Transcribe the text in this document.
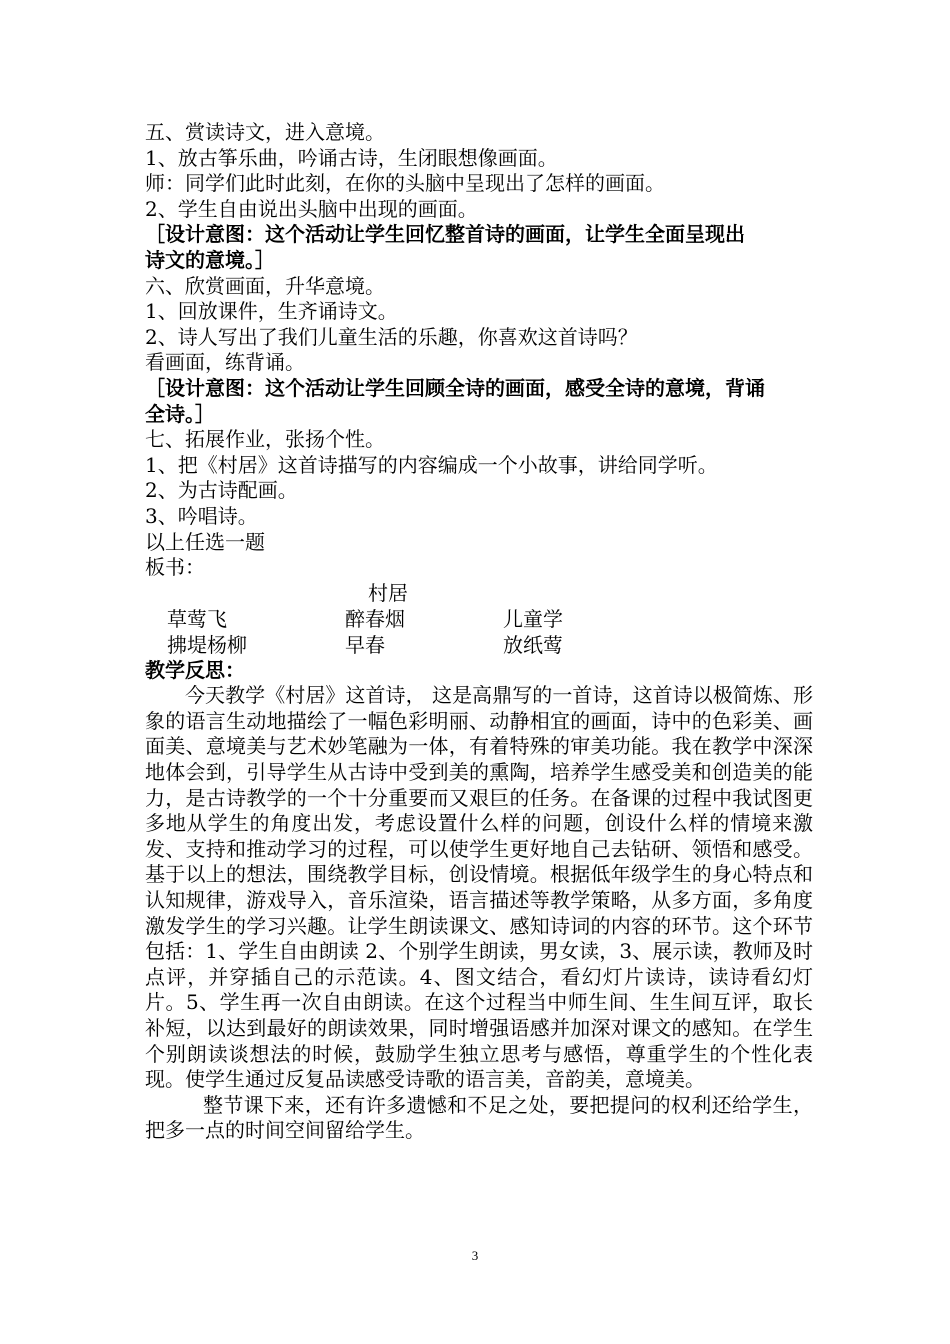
五、赏读诗文，进入意境。
1、放古筝乐曲，吟诵古诗，生闭眼想像画面。
师：同学们此时此刻，在你的头脑中呈现出了怎样的画面。
2、学生自由说出头脑中出现的画面。
［设计意图：这个活动让学生回忆整首诗的画面，让学生全面呈现出
诗文的意境。］
六、欣赏画面，升华意境。
1、回放课件，生齐诵诗文。
2、诗人写出了我们儿童生活的乐趣，你喜欢这首诗吗？
看画面，练背诵。
［设计意图：这个活动让学生回顾全诗的画面，感受全诗的意境，背诵
全诗。］
七、拓展作业，张扬个性。
1、把《村居》这首诗描写的内容编成一个小故事，讲给同学听。
2、为古诗配画。
3、吟唱诗。
以上任选一题
板书：
村居
草莺飞	醉春烟	儿童学
拂堤杨柳	早春	放纸莺
教学反思：
今天教学《村居》这首诗， 这是高鼎写的一首诗，这首诗以极简炼、形象的语言生动地描绘了一幅色彩明丽、动静相宜的画面，诗中的色彩美、画面美、意境美与艺术妙笔融为一体，有着特殊的审美功能。我在教学中深深地体会到，引导学生从古诗中受到美的熏陶，培养学生感受美和创造美的能力，是古诗教学的一个十分重要而又艰巨的任务。在备课的过程中我试图更多地从学生的角度出发，考虑设置什么样的问题，创设什么样的情境来激发、支持和推动学习的过程，可以使学生更好地自己去钻研、领悟和感受。基于以上的想法，围绕教学目标，创设情境。根据低年级学生的身心特点和认知规律，游戏导入，音乐渲染，语言描述等教学策略，从多方面，多角度激发学生的学习兴趣。让学生朗读课文、感知诗词的内容的环节。这个环节包括：1、学生自由朗读 2、个别学生朗读，男女读，3、展示读，教师及时点评，并穿插自己的示范读。4、图文结合，看幻灯片读诗，读诗看幻灯片。5、学生再一次自由朗读。在这个过程当中师生间、生生间互评，取长补短，以达到最好的朗读效果，同时增强语感并加深对课文的感知。在学生个别朗读谈想法的时候，鼓励学生独立思考与感悟，尊重学生的个性化表现。使学生通过反复品读感受诗歌的语言美，音韵美，意境美。
整节课下来，还有许多遗憾和不足之处，要把提问的权利还给学生，把多一点的时间空间留给学生。
3
